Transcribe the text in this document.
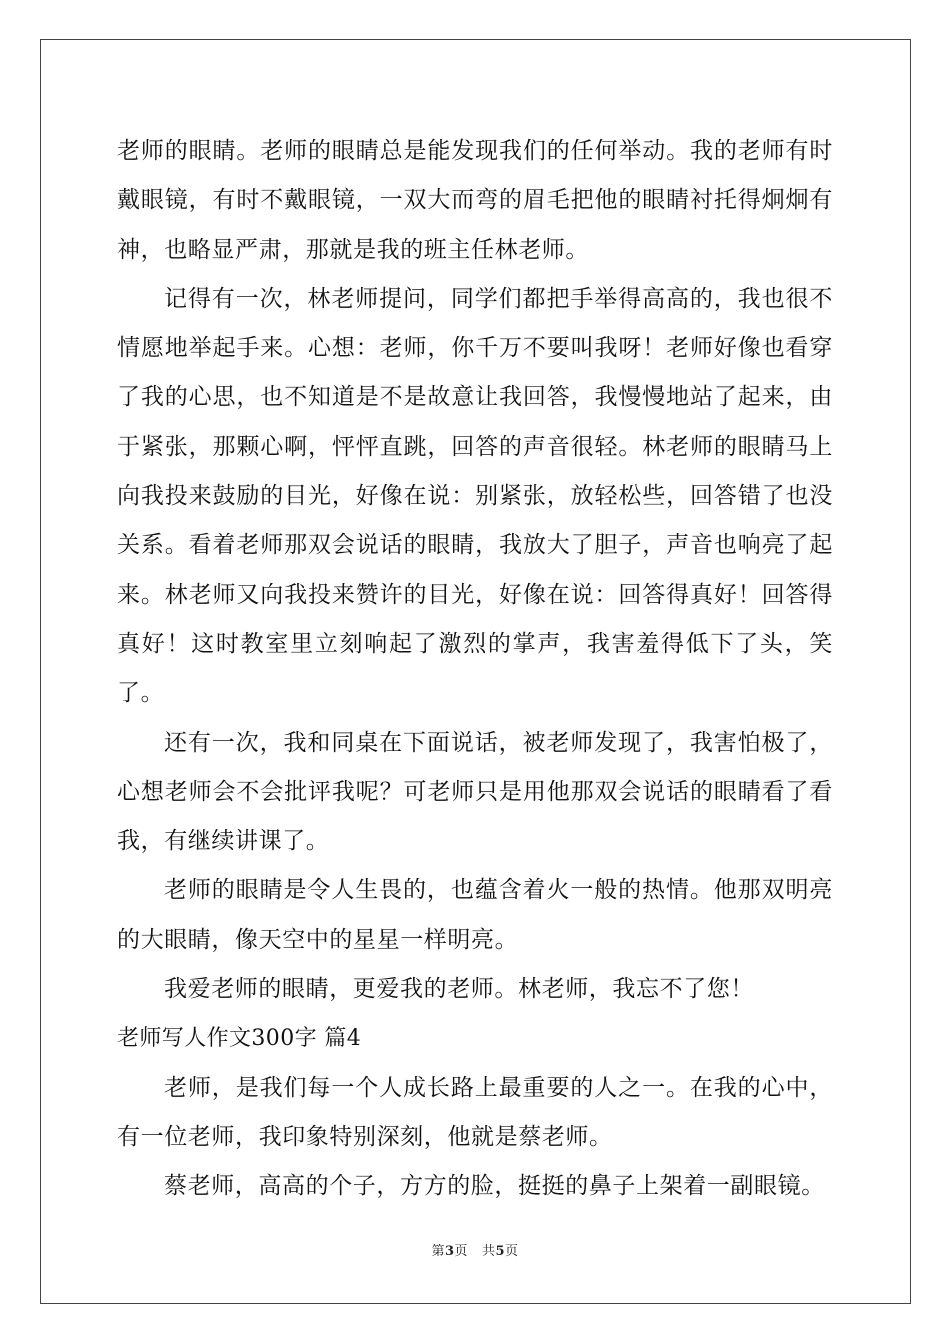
老师的眼睛。老师的眼睛总是能发现我们的任何举动。我的老师有时戴眼镜，有时不戴眼镜，一双大而弯的眉毛把他的眼睛衬托得炯炯有神，也略显严肃，那就是我的班主任林老师。

记得有一次，林老师提问，同学们都把手举得高高的，我也很不情愿地举起手来。心想：老师，你千万不要叫我呀！老师好像也看穿了我的心思，也不知道是不是故意让我回答，我慢慢地站了起来，由于紧张，那颗心啊，怦怦直跳，回答的声音很轻。林老师的眼睛马上向我投来鼓励的目光，好像在说：别紧张，放轻松些，回答错了也没关系。看着老师那双会说话的眼睛，我放大了胆子，声音也响亮了起来。林老师又向我投来赞许的目光，好像在说：回答得真好！回答得真好！这时教室里立刻响起了激烈的掌声，我害羞得低下了头，笑了。

还有一次，我和同桌在下面说话，被老师发现了，我害怕极了，心想老师会不会批评我呢？可老师只是用他那双会说话的眼睛看了看我，有继续讲课了。

老师的眼睛是令人生畏的，也蕴含着火一般的热情。他那双明亮的大眼睛，像天空中的星星一样明亮。

我爱老师的眼睛，更爱我的老师。林老师，我忘不了您！

老师写人作文300字 篇4

老师，是我们每一个人成长路上最重要的人之一。在我的心中，有一位老师，我印象特别深刻，他就是蔡老师。

蔡老师，高高的个子，方方的脸，挺挺的鼻子上架着一副眼镜。

第3页 共5页
